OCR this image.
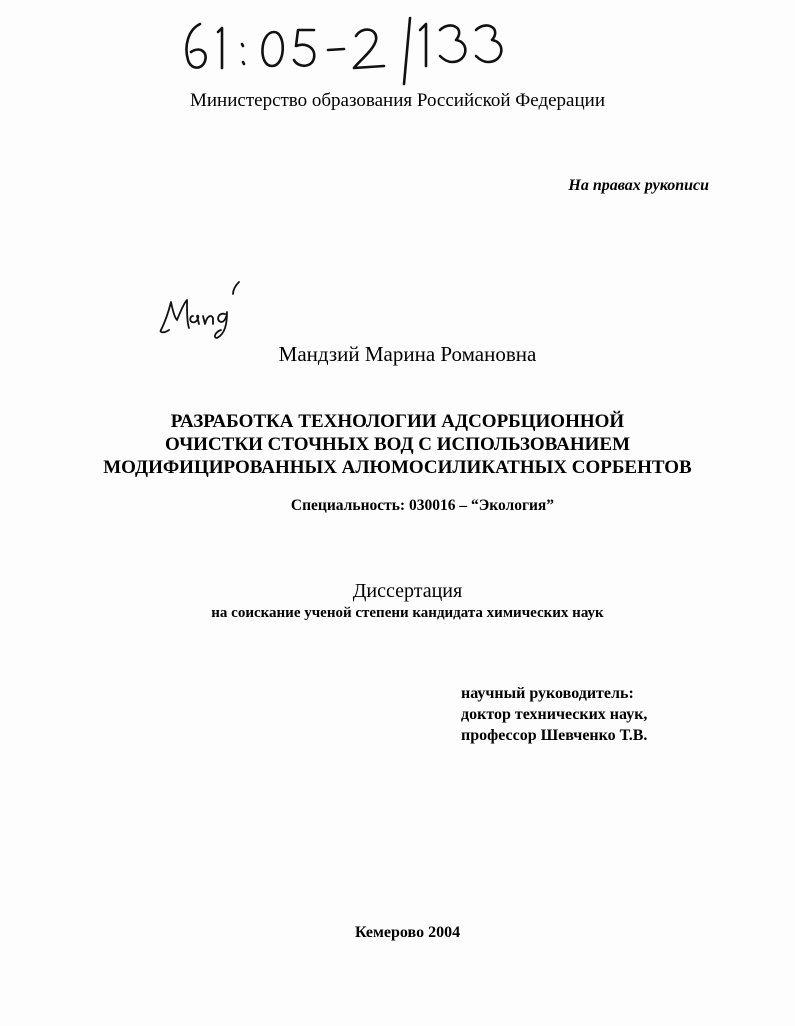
Министерство образования Российской Федерации
На правах рукописи
Мандзий Марина Романовна
РАЗРАБОТКА ТЕХНОЛОГИИ АДСОРБЦИОННОЙ
ОЧИСТКИ СТОЧНЫХ ВОД С ИСПОЛЬЗОВАНИЕМ
МОДИФИЦИРОВАННЫХ АЛЮМОСИЛИКАТНЫХ СОРБЕНТОВ
Специальность: 030016 – “Экология”
Диссертация
на соискание ученой степени кандидата химических наук
научный руководитель:
доктор технических наук,
профессор Шевченко Т.В.
Кемерово 2004
